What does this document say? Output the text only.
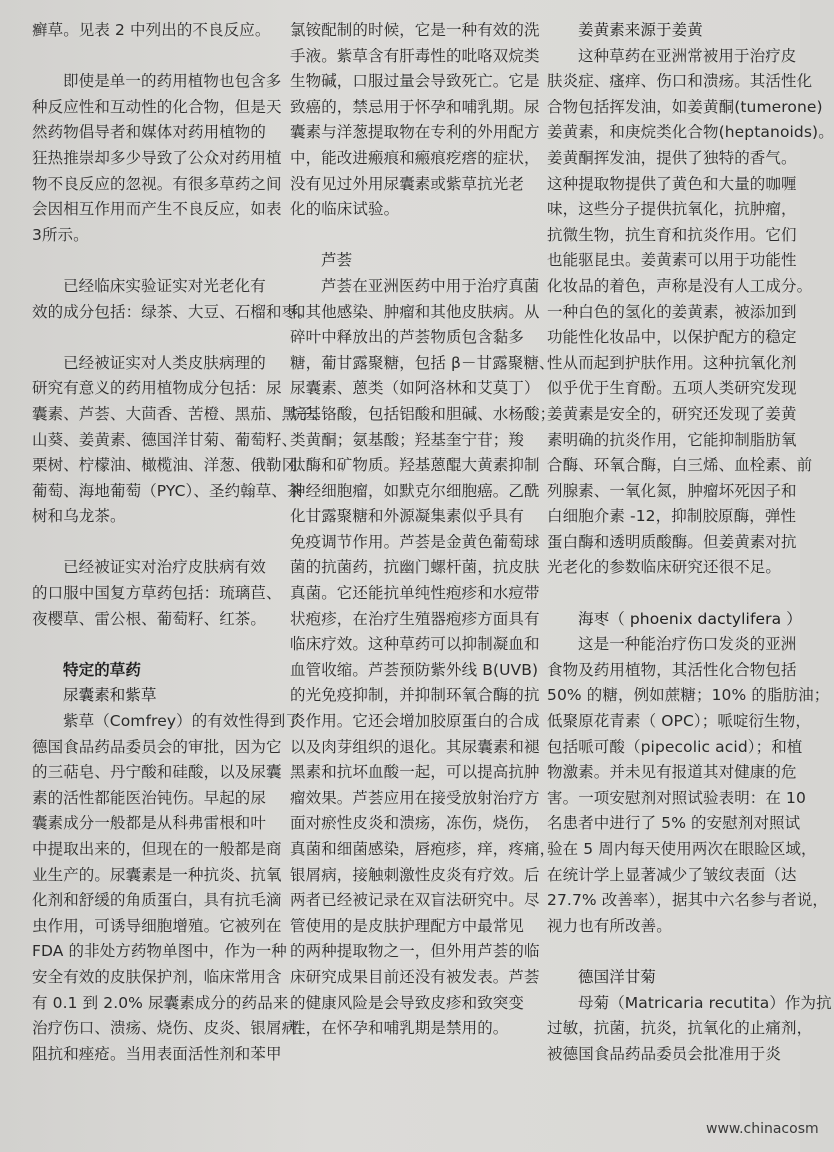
癣草。见表 2 中列出的不良反应。
即使是单一的药用植物也包含多
种反应性和互动性的化合物，但是天
然药物倡导者和媒体对药用植物的
狂热推崇却多少导致了公众对药用植
物不良反应的忽视。有很多草药之间
会因相互作用而产生不良反应，如表
3所示。
已经临床实验证实对光老化有
效的成分包括：绿茶、大豆、石榴和枣。
已经被证实对人类皮肤病理的
研究有意义的药用植物成分包括：尿
囊素、芦荟、大茴香、苦橙、黑茄、黑子、
山葵、姜黄素、德国洋甘菊、葡萄籽、
栗树、柠檬油、橄榄油、洋葱、俄勒冈
葡萄、海地葡萄（PYC）、圣约翰草、茶
树和乌龙茶。
已经被证实对治疗皮肤病有效
的口服中国复方草药包括：琉璃苣、
夜樱草、雷公根、葡萄籽、红茶。
特定的草药
尿囊素和紫草
紫草（Comfrey）的有效性得到了
德国食品药品委员会的审批，因为它
的三萜皂、丹宁酸和硅酸，以及尿囊
素的活性都能医治钝伤。早起的尿
囊素成分一般都是从科弗雷根和叶
中提取出来的，但现在的一般都是商
业生产的。尿囊素是一种抗炎、抗氧
化剂和舒缓的角质蛋白，具有抗毛滴
虫作用，可诱导细胞增殖。它被列在
FDA 的非处方药物单图中，作为一种
安全有效的皮肤保护剂，临床常用含
有 0.1 到 2.0% 尿囊素成分的药品来
治疗伤口、溃疡、烧伤、皮炎、银屑病、
阻抗和痤疮。当用表面活性剂和苯甲
氯铵配制的时候，它是一种有效的洗
手液。紫草含有肝毒性的吡咯双烷类
生物碱，口服过量会导致死亡。它是
致癌的，禁忌用于怀孕和哺乳期。尿
囊素与洋葱提取物在专利的外用配方
中，能改进瘢痕和瘢痕疙瘩的症状，
没有见过外用尿囊素或紫草抗光老
化的临床试验。
芦荟
芦荟在亚洲医药中用于治疗真菌
和其他感染、肿瘤和其他皮肤病。从
碎叶中释放出的芦荟物质包含黏多
糖，葡甘露聚糖，包括 β－甘露聚糖、
尿囊素、蒽类（如阿洛林和艾莫丁）
烷基铬酸，包括铝酸和胆碱、水杨酸；
类黄酮；氨基酸；羟基奎宁苷；羧
肽酶和矿物质。羟基蒽醌大黄素抑制
神经细胞瘤，如默克尔细胞癌。乙酰
化甘露聚糖和外源凝集素似乎具有
免疫调节作用。芦荟是金黄色葡萄球
菌的抗菌药，抗幽门螺杆菌，抗皮肤
真菌。它还能抗单纯性疱疹和水痘带
状疱疹，在治疗生殖器疱疹方面具有
临床疗效。这种草药可以抑制凝血和
血管收缩。芦荟预防紫外线 B(UVB)
的光免疫抑制，并抑制环氧合酶的抗
炎作用。它还会增加胶原蛋白的合成
以及肉芽组织的退化。其尿囊素和褪
黑素和抗坏血酸一起，可以提高抗肿
瘤效果。芦荟应用在接受放射治疗方
面对瘀性皮炎和溃疡，冻伤，烧伤，
真菌和细菌感染，唇疱疹，痒，疼痛，
银屑病，接触刺激性皮炎有疗效。后
两者已经被记录在双盲法研究中。尽
管使用的是皮肤护理配方中最常见
的两种提取物之一，但外用芦荟的临
床研究成果目前还没有被发表。芦荟
的健康风险是会导致皮疹和致突变
性，在怀孕和哺乳期是禁用的。
姜黄素来源于姜黄
这种草药在亚洲常被用于治疗皮
肤炎症、瘙痒、伤口和溃疡。其活性化
合物包括挥发油，如姜黄酮(tumerone)
姜黄素，和庚烷类化合物(heptanoids)。
姜黄酮挥发油，提供了独特的香气。
这种提取物提供了黄色和大量的咖喱
味，这些分子提供抗氧化，抗肿瘤，
抗微生物，抗生育和抗炎作用。它们
也能驱昆虫。姜黄素可以用于功能性
化妆品的着色，声称是没有人工成分。
一种白色的氢化的姜黄素，被添加到
功能性化妆品中，以保护配方的稳定
性从而起到护肤作用。这种抗氧化剂
似乎优于生育酚。五项人类研究发现
姜黄素是安全的，研究还发现了姜黄
素明确的抗炎作用，它能抑制脂肪氧
合酶、环氧合酶，白三烯、血栓素、前
列腺素、一氧化氮，肿瘤坏死因子和
白细胞介素 -12，抑制胶原酶，弹性
蛋白酶和透明质酸酶。但姜黄素对抗
光老化的参数临床研究还很不足。
海枣（ phoenix dactylifera ）
这是一种能治疗伤口发炎的亚洲
食物及药用植物，其活性化合物包括
50% 的糖，例如蔗糖；10% 的脂肪油；
低聚原花青素（ OPC）；哌啶衍生物，
包括哌可酸（pipecolic acid）；和植
物激素。并未见有报道其对健康的危
害。一项安慰剂对照试验表明：在 10
名患者中进行了 5% 的安慰剂对照试
验在 5 周内每天使用两次在眼睑区域，
在统计学上显著减少了皱纹表面（达
27.7% 改善率），据其中六名参与者说，
视力也有所改善。
德国洋甘菊
母菊（Matricaria recutita）作为抗
过敏，抗菌，抗炎，抗氧化的止痛剂，
被德国食品药品委员会批准用于炎
www.chinacosm
